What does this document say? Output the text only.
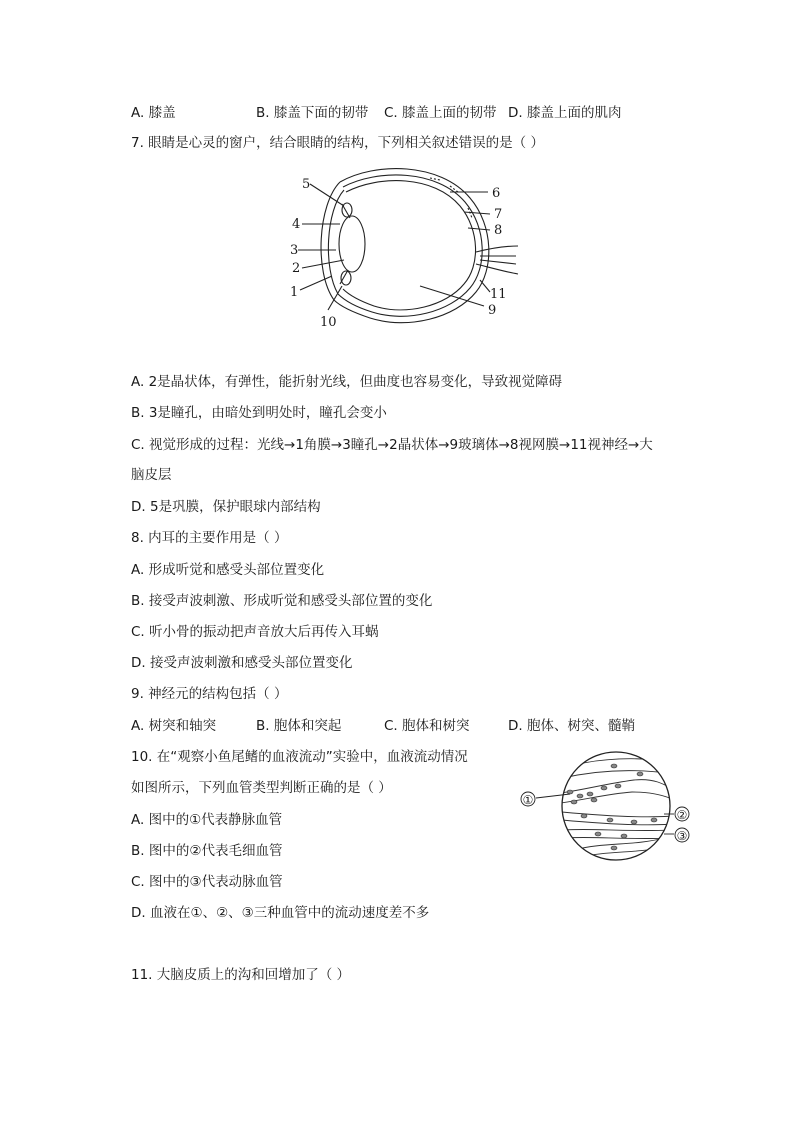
A. 膝盖	B. 膝盖下面的韧带 C. 膝盖上面的韧带 D. 膝盖上面的肌肉
7. 眼睛是心灵的窗户，结合眼睛的结构，下列相关叙述错误的是（ ）
5
4
3
2
1
10
6
7
8
11
9
A. 2是晶状体，有弹性，能折射光线，但曲度也容易变化，导致视觉障碍
B. 3是瞳孔，由暗处到明处时，瞳孔会变小
C. 视觉形成的过程：光线→1角膜→3瞳孔→2晶状体→9玻璃体→8视网膜→11视神经→大
脑皮层
D. 5是巩膜，保护眼球内部结构
8. 内耳的主要作用是（ ）
A. 形成听觉和感受头部位置变化
B. 接受声波刺激、形成听觉和感受头部位置的变化
C. 听小骨的振动把声音放大后再传入耳蜗
D. 接受声波刺激和感受头部位置变化
9. 神经元的结构包括（ ）
A. 树突和轴突	B. 胞体和突起	C. 胞体和树突	D. 胞体、树突、髓鞘
10. 在“观察小鱼尾鳍的血液流动”实验中，血液流动情况
如图所示，下列血管类型判断正确的是（ ）
A. 图中的①代表静脉血管
B. 图中的②代表毛细血管
C. 图中的③代表动脉血管
D. 血液在①、②、③三种血管中的流动速度差不多
①
②
③
11. 大脑皮质上的沟和回增加了（ ）
